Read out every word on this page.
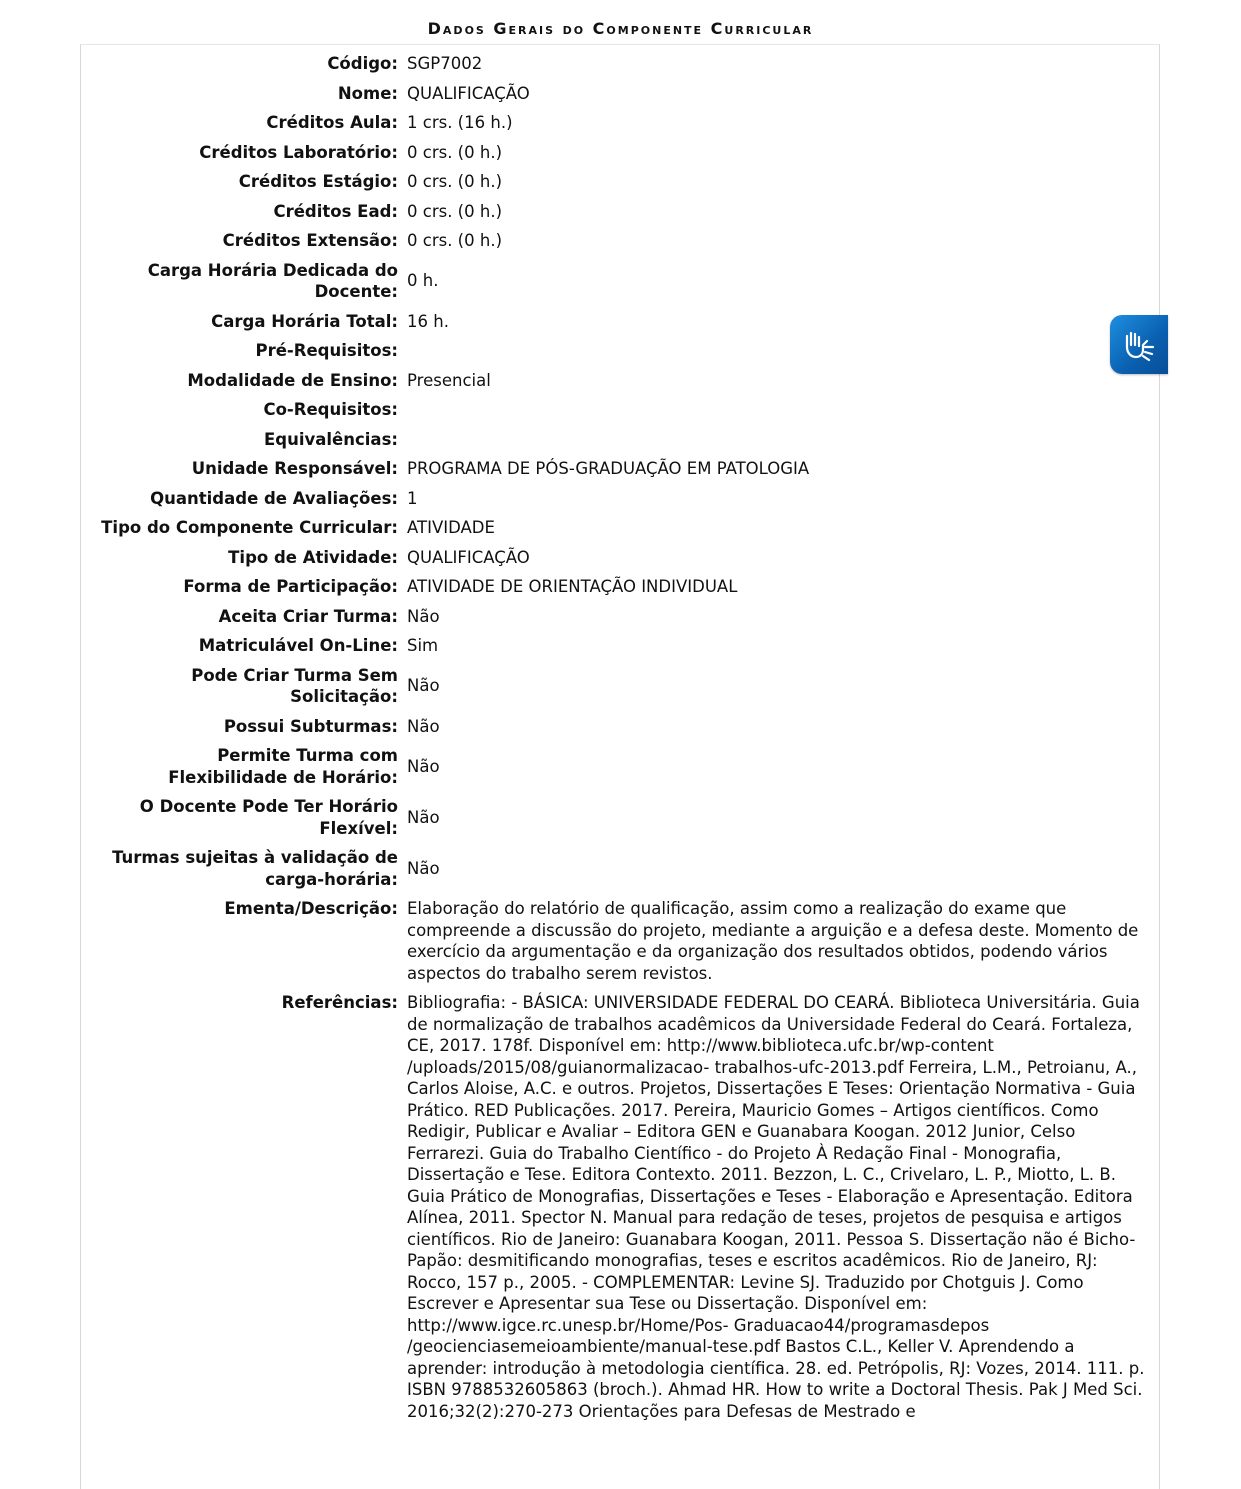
Dados Gerais do Componente Curricular
Código:	SGP7002
Nome:	QUALIFICAÇÃO
Créditos Aula:	1 crs. (16 h.)
Créditos Laboratório:	0 crs. (0 h.)
Créditos Estágio:	0 crs. (0 h.)
Créditos Ead:	0 crs. (0 h.)
Créditos Extensão:	0 crs. (0 h.)
Carga Horária Dedicada do Docente:	0 h.
Carga Horária Total:	16 h.
Pré-Requisitos:	
Modalidade de Ensino:	Presencial
Co-Requisitos:	
Equivalências:	
Unidade Responsável:	PROGRAMA DE PÓS-GRADUAÇÃO EM PATOLOGIA
Quantidade de Avaliações:	1
Tipo do Componente Curricular:	ATIVIDADE
Tipo de Atividade:	QUALIFICAÇÃO
Forma de Participação:	ATIVIDADE DE ORIENTAÇÃO INDIVIDUAL
Aceita Criar Turma:	Não
Matriculável On-Line:	Sim
Pode Criar Turma Sem Solicitação:	Não
Possui Subturmas:	Não
Permite Turma com Flexibilidade de Horário:	Não
O Docente Pode Ter Horário Flexível:	Não
Turmas sujeitas à validação de carga-horária:	Não
Ementa/Descrição:	Elaboração do relatório de qualificação, assim como a realização do exame que compreende a discussão do projeto, mediante a arguição e a defesa deste. Momento de exercício da argumentação e da organização dos resultados obtidos, podendo vários aspectos do trabalho serem revistos.
Referências:	Bibliografia: - BÁSICA: UNIVERSIDADE FEDERAL DO CEARÁ. Biblioteca Universitária. Guia de normalização de trabalhos acadêmicos da Universidade Federal do Ceará. Fortaleza, CE, 2017. 178f. Disponível em: http://www.biblioteca.ufc.br/wp-content /uploads/2015/08/guianormalizacao- trabalhos-ufc-2013.pdf Ferreira, L.M., Petroianu, A., Carlos Aloise, A.C. e outros. Projetos, Dissertações E Teses: Orientação Normativa - Guia Prático. RED Publicações. 2017. Pereira, Mauricio Gomes – Artigos científicos. Como Redigir, Publicar e Avaliar – Editora GEN e Guanabara Koogan. 2012 Junior, Celso Ferrarezi. Guia do Trabalho Científico - do Projeto À Redação Final - Monografia, Dissertação e Tese. Editora Contexto. 2011. Bezzon, L. C., Crivelaro, L. P., Miotto, L. B. Guia Prático de Monografias, Dissertações e Teses - Elaboração e Apresentação. Editora Alínea, 2011. Spector N. Manual para redação de teses, projetos de pesquisa e artigos científicos. Rio de Janeiro: Guanabara Koogan, 2011. Pessoa S. Dissertação não é Bicho-Papão: desmitificando monografias, teses e escritos acadêmicos. Rio de Janeiro, RJ: Rocco, 157 p., 2005. - COMPLEMENTAR: Levine SJ. Traduzido por Chotguis J. Como Escrever e Apresentar sua Tese ou Dissertação. Disponível em: http://www.igce.rc.unesp.br/Home/Pos- Graduacao44/programasdepos /geocienciasemeioambiente/manual-tese.pdf Bastos C.L., Keller V. Aprendendo a aprender: introdução à metodologia científica. 28. ed. Petrópolis, RJ: Vozes, 2014. 111. p. ISBN 9788532605863 (broch.). Ahmad HR. How to write a Doctoral Thesis. Pak J Med Sci. 2016;32(2):270-273 Orientações para Defesas de Mestrado e
